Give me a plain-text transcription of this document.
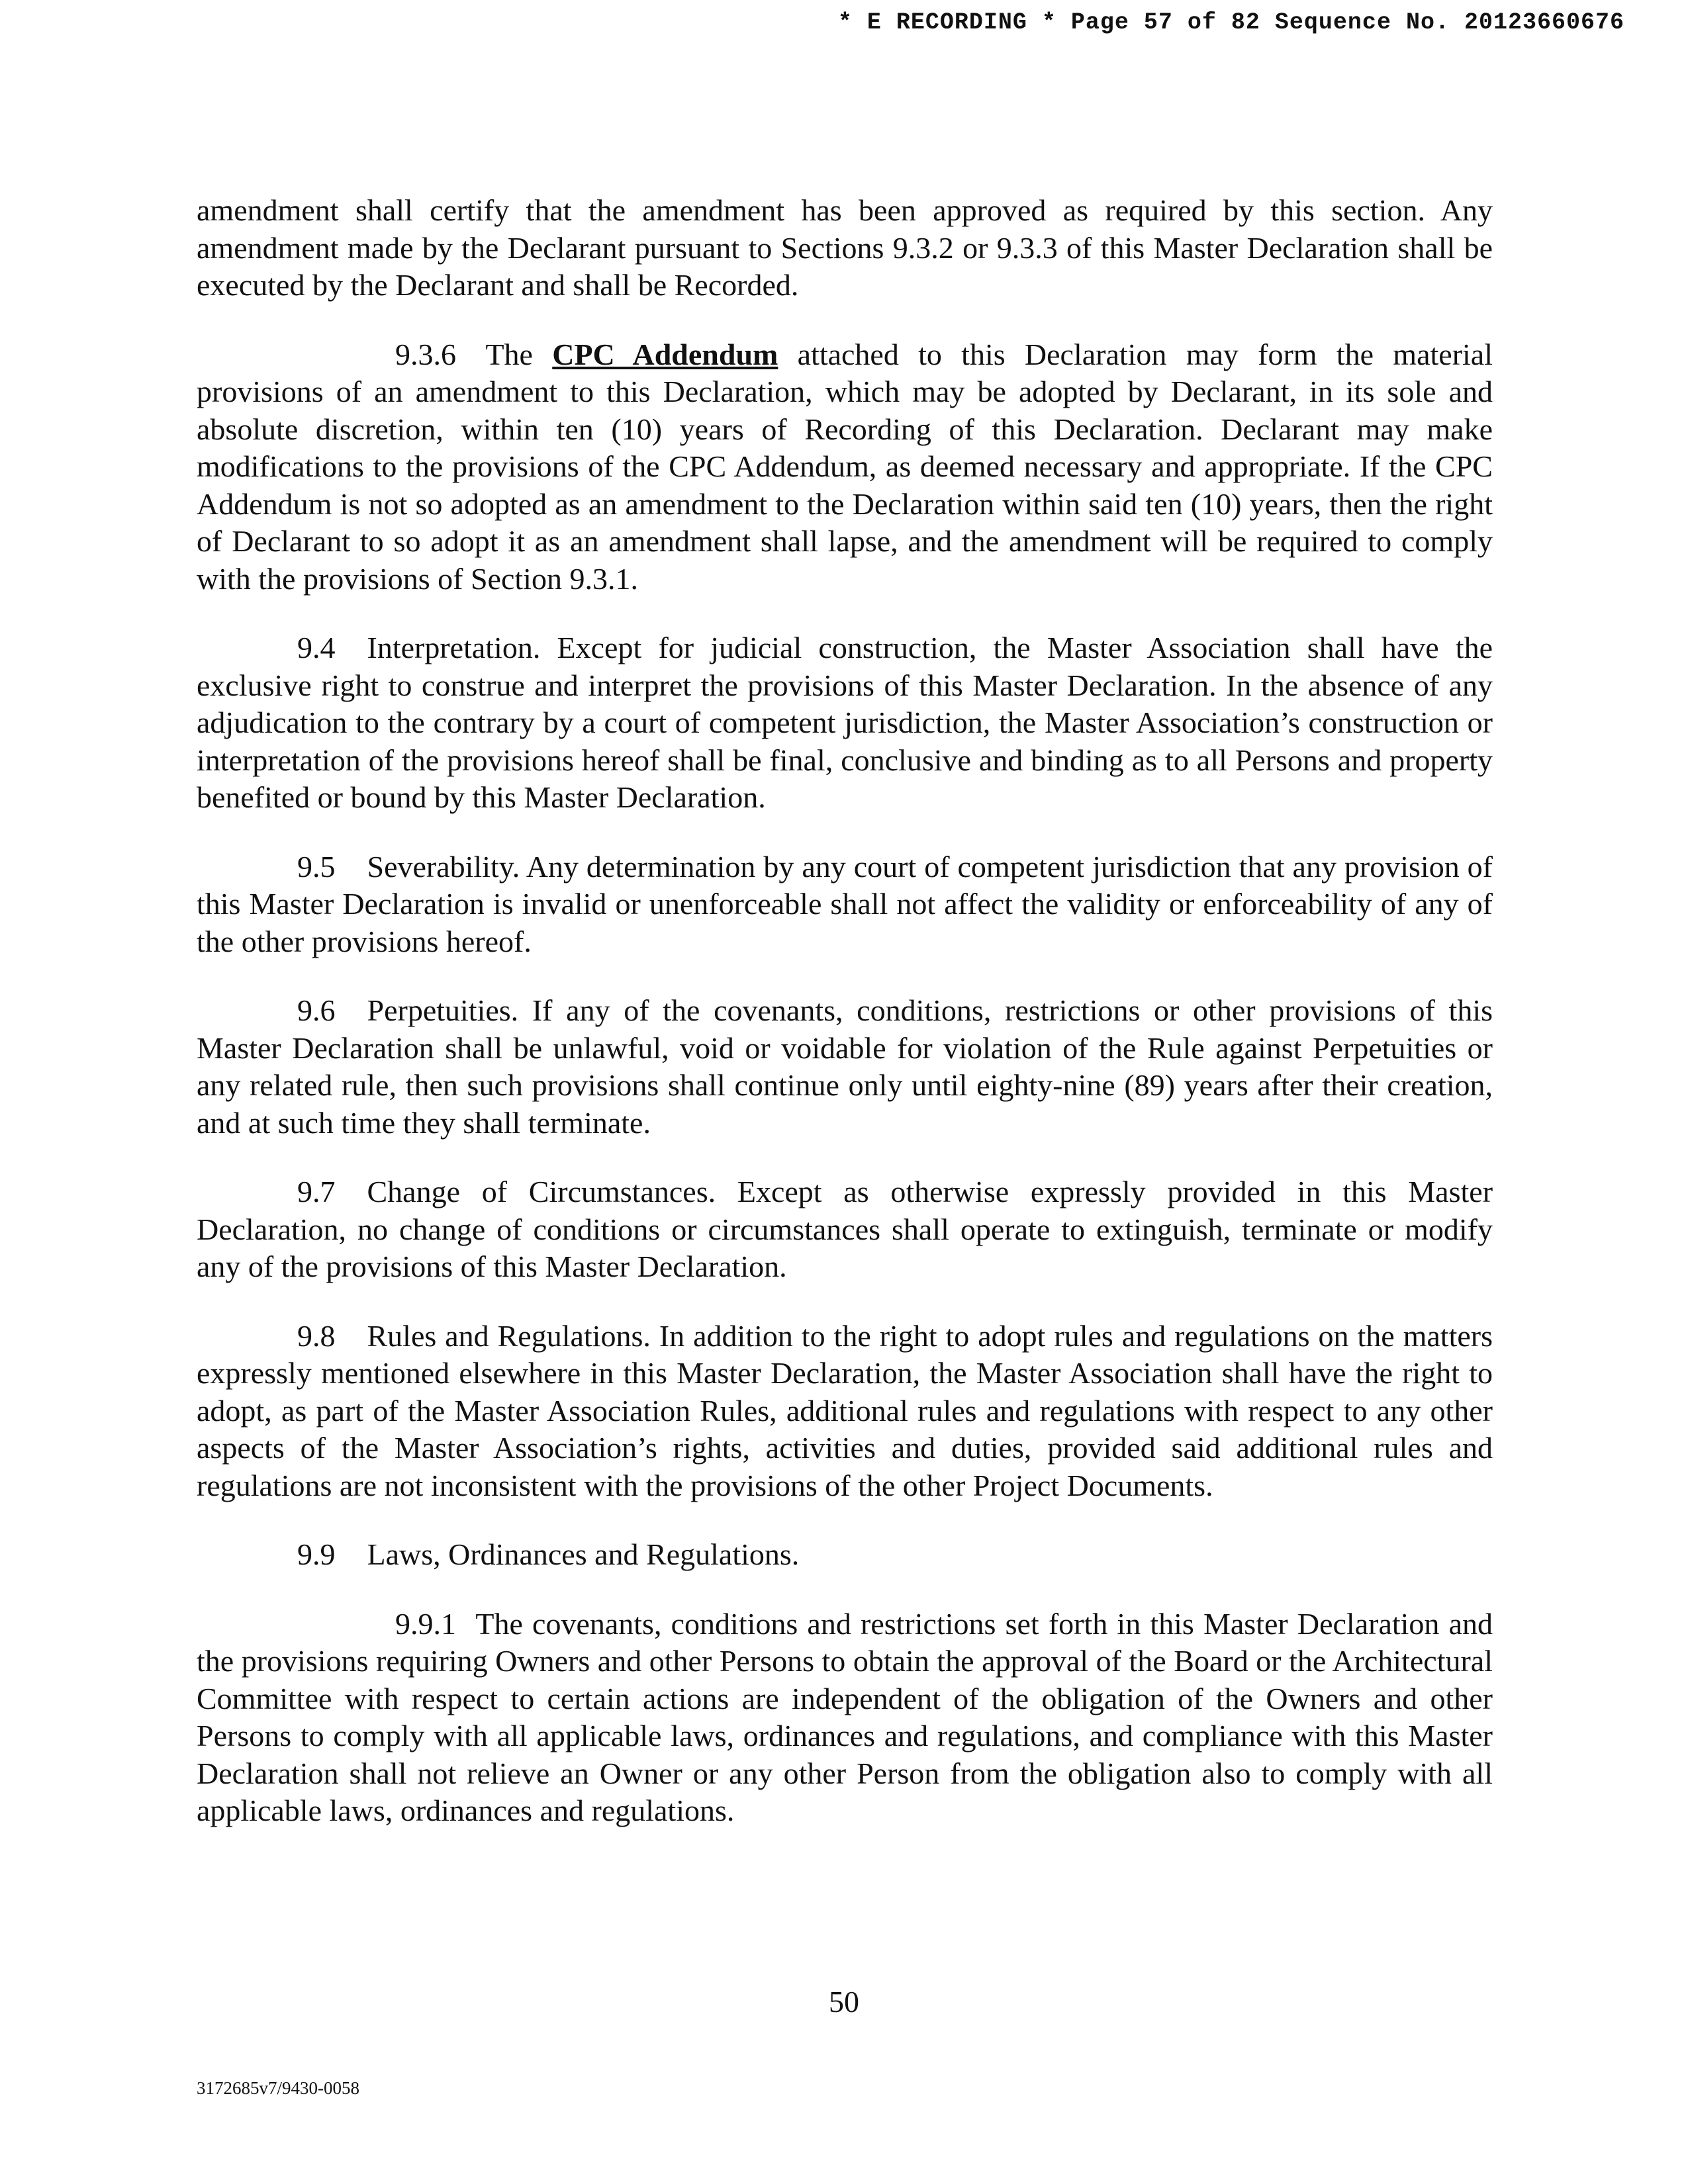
* E RECORDING * Page 57 of 82 Sequence No. 20123660676

amendment shall certify that the amendment has been approved as required by this section. Any amendment made by the Declarant pursuant to Sections 9.3.2 or 9.3.3 of this Master Declaration shall be executed by the Declarant and shall be Recorded.

9.3.6 The CPC Addendum attached to this Declaration may form the material provisions of an amendment to this Declaration, which may be adopted by Declarant, in its sole and absolute discretion, within ten (10) years of Recording of this Declaration. Declarant may make modifications to the provisions of the CPC Addendum, as deemed necessary and appropriate. If the CPC Addendum is not so adopted as an amendment to the Declaration within said ten (10) years, then the right of Declarant to so adopt it as an amendment shall lapse, and the amendment will be required to comply with the provisions of Section 9.3.1.

9.4 Interpretation. Except for judicial construction, the Master Association shall have the exclusive right to construe and interpret the provisions of this Master Declaration. In the absence of any adjudication to the contrary by a court of competent jurisdiction, the Master Association’s construction or interpretation of the provisions hereof shall be final, conclusive and binding as to all Persons and property benefited or bound by this Master Declaration.

9.5 Severability. Any determination by any court of competent jurisdiction that any provision of this Master Declaration is invalid or unenforceable shall not affect the validity or enforceability of any of the other provisions hereof.

9.6 Perpetuities. If any of the covenants, conditions, restrictions or other provisions of this Master Declaration shall be unlawful, void or voidable for violation of the Rule against Perpetuities or any related rule, then such provisions shall continue only until eighty-nine (89) years after their creation, and at such time they shall terminate.

9.7 Change of Circumstances. Except as otherwise expressly provided in this Master Declaration, no change of conditions or circumstances shall operate to extinguish, terminate or modify any of the provisions of this Master Declaration.

9.8 Rules and Regulations. In addition to the right to adopt rules and regulations on the matters expressly mentioned elsewhere in this Master Declaration, the Master Association shall have the right to adopt, as part of the Master Association Rules, additional rules and regulations with respect to any other aspects of the Master Association’s rights, activities and duties, provided said additional rules and regulations are not inconsistent with the provisions of the other Project Documents.

9.9 Laws, Ordinances and Regulations.

9.9.1 The covenants, conditions and restrictions set forth in this Master Declaration and the provisions requiring Owners and other Persons to obtain the approval of the Board or the Architectural Committee with respect to certain actions are independent of the obligation of the Owners and other Persons to comply with all applicable laws, ordinances and regulations, and compliance with this Master Declaration shall not relieve an Owner or any other Person from the obligation also to comply with all applicable laws, ordinances and regulations.

50
3172685v7/9430-0058
